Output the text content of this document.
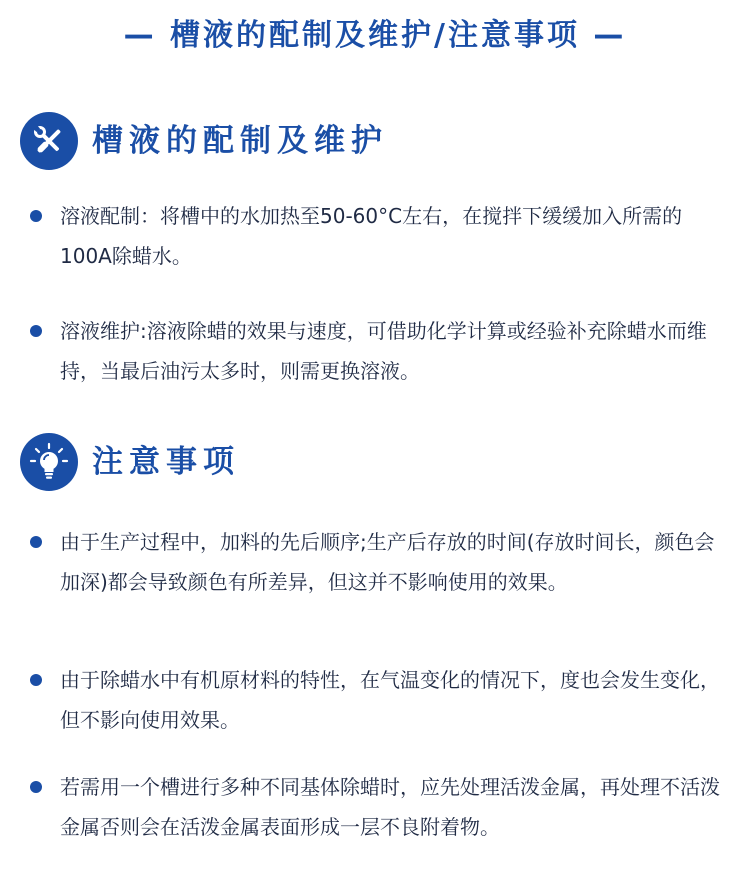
— 槽液的配制及维护/注意事项 —
槽液的配制及维护
溶液配制：将槽中的水加热至50-60°C左右，在搅拌下缓缓加入所需的100A除蜡水。
溶液维护:溶液除蜡的效果与速度，可借助化学计算或经验补充除蜡水而维持，当最后油污太多时，则需更换溶液。
注意事项
由于生产过程中，加料的先后顺序;生产后存放的时间(存放时间长，颜色会加深)都会导致颜色有所差异，但这并不影响使用的效果。
由于除蜡水中有机原材料的特性，在气温变化的情况下，度也会发生变化，但不影向使用效果。
若需用一个槽进行多种不同基体除蜡时，应先处理活泼金属，再处理不活泼金属否则会在活泼金属表面形成一层不良附着物。
